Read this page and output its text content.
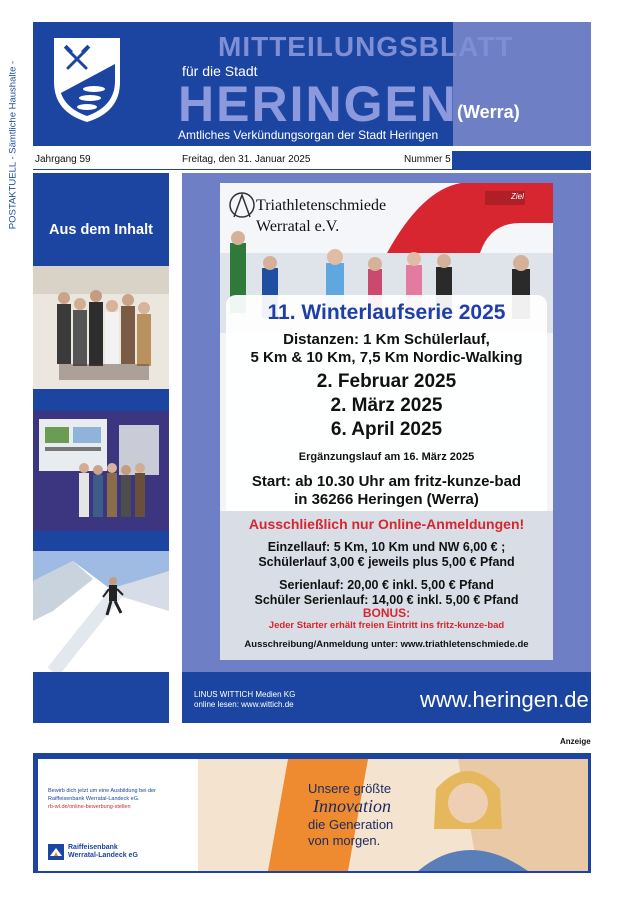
POSTAKTUELL - Sämtliche Haushalte -
MITTEILUNGSBLATT
für die Stadt
HERINGEN (Werra)
Amtliches Verkündungsorgan der Stadt Heringen
Jahrgang 59	Freitag, den 31. Januar 2025	Nummer 5
Aus dem Inhalt
Triathletenschmiede
Werratal e.V.
Ziel
11. Winterlaufserie 2025
Distanzen: 1 Km Schülerlauf,
5 Km & 10 Km, 7,5 Km Nordic-Walking
2. Februar 2025
2. März 2025
6. April 2025
Ergänzungslauf am 16. März 2025
Start: ab 10.30 Uhr am fritz-kunze-bad
in 36266 Heringen (Werra)
Ausschließlich nur Online-Anmeldungen!
Einzellauf: 5 Km, 10 Km und NW 6,00 € ;
Schülerlauf 3,00 € jeweils plus 5,00 € Pfand
Serienlauf: 20,00 € inkl. 5,00 € Pfand
Schüler Serienlauf: 14,00 € inkl. 5,00 € Pfand
BONUS:
Jeder Starter erhält freien Eintritt ins fritz-kunze-bad
Ausschreibung/Anmeldung unter: www.triathletenschmiede.de
LINUS WITTICH Medien KG
online lesen: www.wittich.de	www.heringen.de
Anzeige
Bewirb dich jetzt um eine Ausbildung bei der
Raiffeisenbank Werratal-Landeck eG.
rb-wl.de/online-bewerbung-stellen
Raiffeisenbank
Werratal-Landeck eG
Unsere größte
Innovation
die Generation
von morgen.
